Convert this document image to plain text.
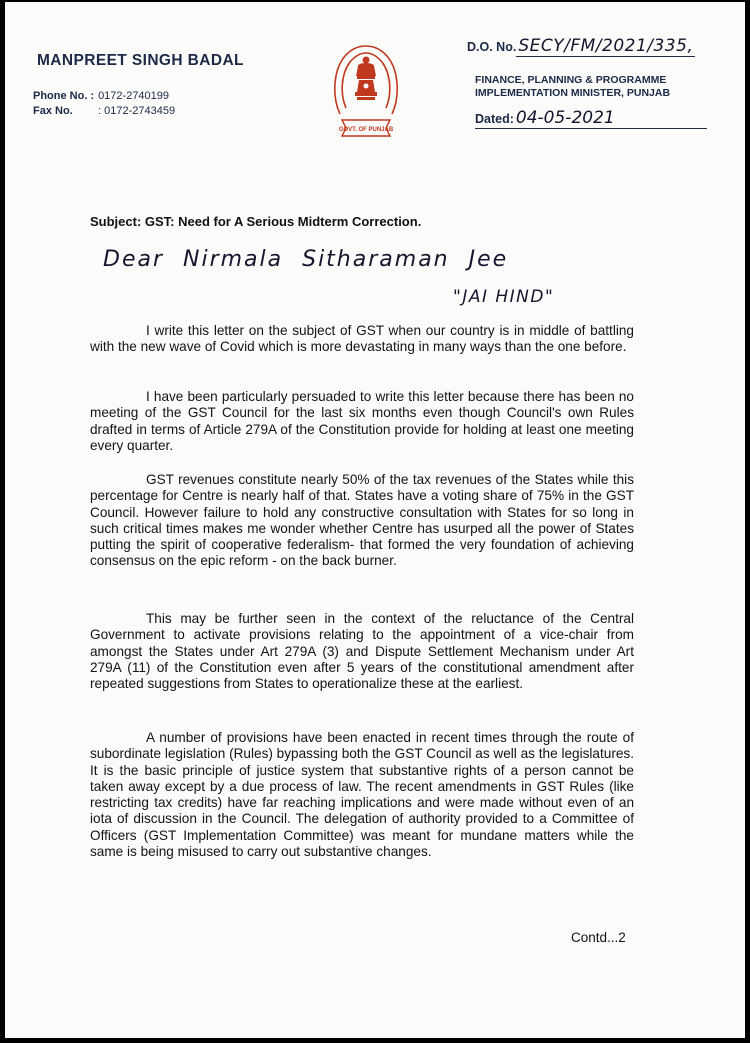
MANPREET SINGH BADAL
Phone No. : 0172-2740199
Fax No. : 0172-2743459
GOVT. OF PUNJAB
D.O. No. SECY/FM/2021/335,
FINANCE, PLANNING & PROGRAMME
IMPLEMENTATION MINISTER, PUNJAB
Dated: 04-05-2021
Subject: GST: Need for A Serious Midterm Correction.
Dear Nirmala Sitharaman Jee
"JAI HIND"

I write this letter on the subject of GST when our country is in middle of battling with the new wave of Covid which is more devastating in many ways than the one before.

I have been particularly persuaded to write this letter because there has been no meeting of the GST Council for the last six months even though Council's own Rules drafted in terms of Article 279A of the Constitution provide for holding at least one meeting every quarter.

GST revenues constitute nearly 50% of the tax revenues of the States while this percentage for Centre is nearly half of that. States have a voting share of 75% in the GST Council. However failure to hold any constructive consultation with States for so long in such critical times makes me wonder whether Centre has usurped all the power of States putting the spirit of cooperative federalism- that formed the very foundation of achieving consensus on the epic reform - on the back burner.

This may be further seen in the context of the reluctance of the Central Government to activate provisions relating to the appointment of a vice-chair from amongst the States under Art 279A (3) and Dispute Settlement Mechanism under Art 279A (11) of the Constitution even after 5 years of the constitutional amendment after repeated suggestions from States to operationalize these at the earliest.

A number of provisions have been enacted in recent times through the route of subordinate legislation (Rules) bypassing both the GST Council as well as the legislatures. It is the basic principle of justice system that substantive rights of a person cannot be taken away except by a due process of law. The recent amendments in GST Rules (like restricting tax credits) have far reaching implications and were made without even of an iota of discussion in the Council. The delegation of authority provided to a Committee of Officers (GST Implementation Committee) was meant for mundane matters while the same is being misused to carry out substantive changes.

Contd...2
